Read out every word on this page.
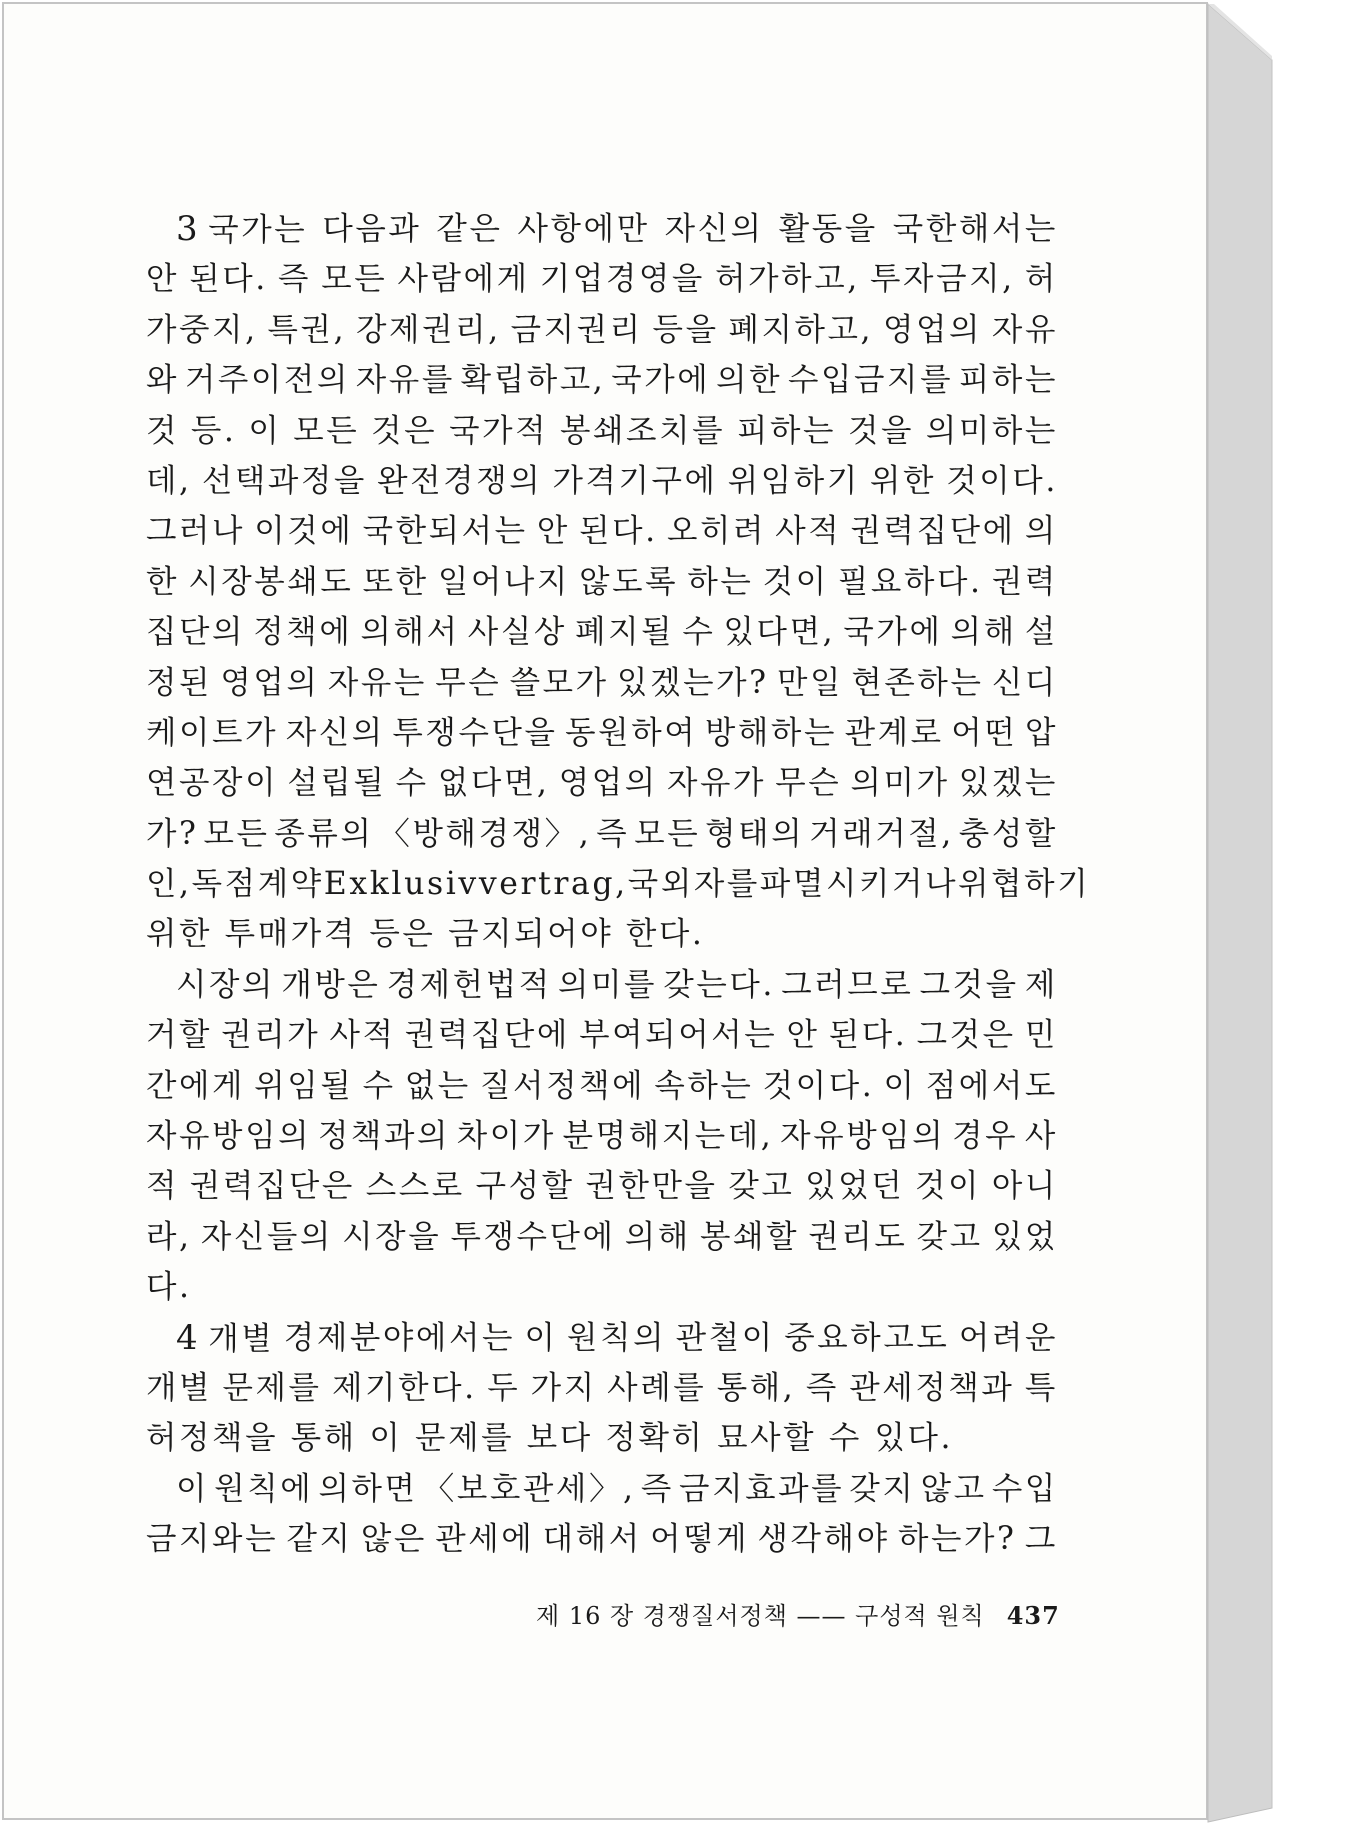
3 국가는 다음과 같은 사항에만 자신의 활동을 국한해서는
안 된다. 즉 모든 사람에게 기업경영을 허가하고, 투자금지, 허
가중지, 특권, 강제권리, 금지권리 등을 폐지하고, 영업의 자유
와 거주이전의 자유를 확립하고, 국가에 의한 수입금지를 피하는
것 등. 이 모든 것은 국가적 봉쇄조치를 피하는 것을 의미하는
데, 선택과정을 완전경쟁의 가격기구에 위임하기 위한 것이다.
그러나 이것에 국한되서는 안 된다. 오히려 사적 권력집단에 의
한 시장봉쇄도 또한 일어나지 않도록 하는 것이 필요하다. 권력
집단의 정책에 의해서 사실상 폐지될 수 있다면, 국가에 의해 설
정된 영업의 자유는 무슨 쓸모가 있겠는가? 만일 현존하는 신디
케이트가 자신의 투쟁수단을 동원하여 방해하는 관계로 어떤 압
연공장이 설립될 수 없다면, 영업의 자유가 무슨 의미가 있겠는
가? 모든 종류의 〈방해경쟁〉, 즉 모든 형태의 거래거절, 충성할
인, 독점계약 Exklusivvertrag, 국외자를 파멸시키거나 위협하기
위한 투매가격 등은 금지되어야 한다.
시장의 개방은 경제헌법적 의미를 갖는다. 그러므로 그것을 제
거할 권리가 사적 권력집단에 부여되어서는 안 된다. 그것은 민
간에게 위임될 수 없는 질서정책에 속하는 것이다. 이 점에서도
자유방임의 정책과의 차이가 분명해지는데, 자유방임의 경우 사
적 권력집단은 스스로 구성할 권한만을 갖고 있었던 것이 아니
라, 자신들의 시장을 투쟁수단에 의해 봉쇄할 권리도 갖고 있었
다.
4 개별 경제분야에서는 이 원칙의 관철이 중요하고도 어려운
개별 문제를 제기한다. 두 가지 사례를 통해, 즉 관세정책과 특
허정책을 통해 이 문제를 보다 정확히 묘사할 수 있다.
이 원칙에 의하면 〈보호관세〉, 즉 금지효과를 갖지 않고 수입
금지와는 같지 않은 관세에 대해서 어떻게 생각해야 하는가? 그
제 16 장 경쟁질서정책 —— 구성적 원칙 437
